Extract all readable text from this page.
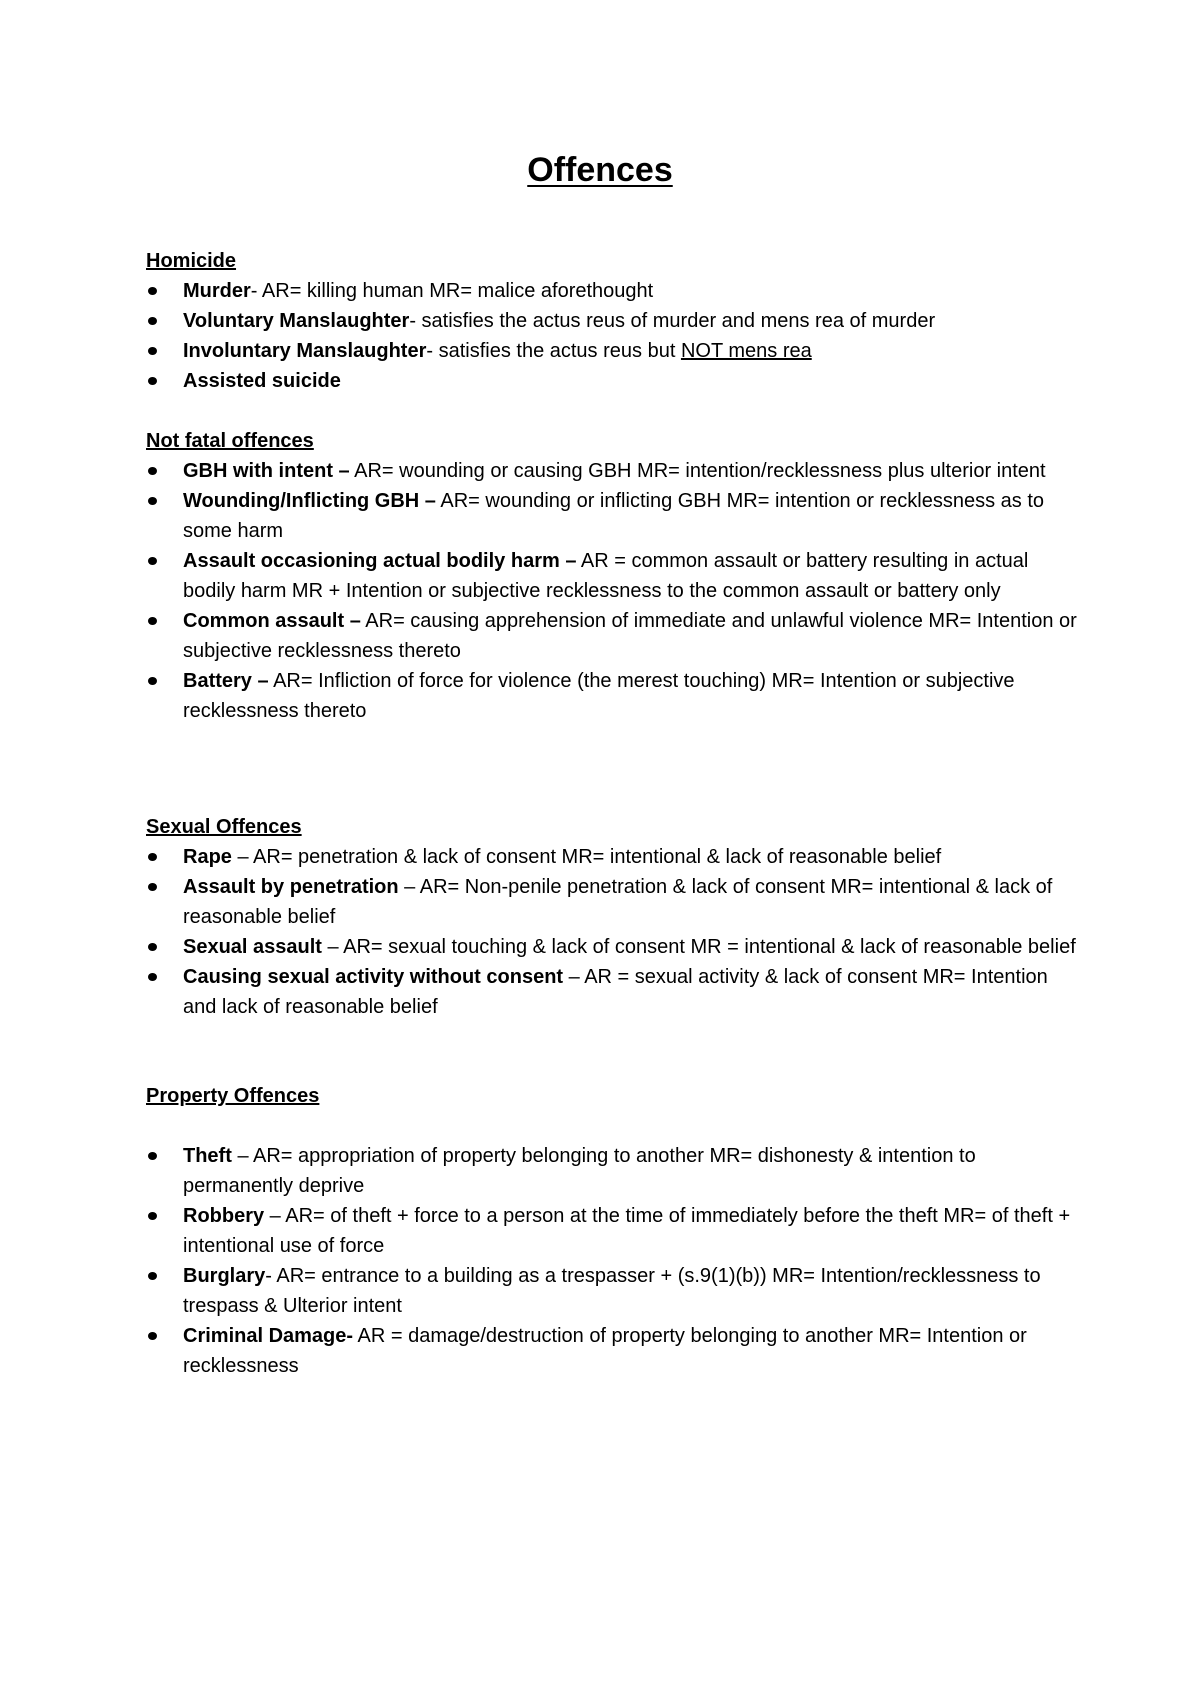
Offences
Homicide
Murder- AR= killing human MR= malice aforethought
Voluntary Manslaughter- satisfies the actus reus of murder and mens rea of murder
Involuntary Manslaughter- satisfies the actus reus but NOT mens rea
Assisted suicide
Not fatal offences
GBH with intent – AR= wounding or causing GBH MR= intention/recklessness plus ulterior intent
Wounding/Inflicting GBH – AR= wounding or inflicting GBH MR= intention or recklessness as to some harm
Assault occasioning actual bodily harm – AR = common assault or battery resulting in actual bodily harm MR + Intention or subjective recklessness to the common assault or battery only
Common assault – AR= causing apprehension of immediate and unlawful violence MR= Intention or subjective recklessness thereto
Battery – AR= Infliction of force for violence (the merest touching) MR= Intention or subjective recklessness thereto
Sexual Offences
Rape – AR= penetration & lack of consent MR= intentional & lack of reasonable belief
Assault by penetration – AR= Non-penile penetration & lack of consent MR= intentional & lack of reasonable belief
Sexual assault – AR= sexual touching & lack of consent MR = intentional & lack of reasonable belief
Causing sexual activity without consent – AR = sexual activity & lack of consent MR= Intention and lack of reasonable belief
Property Offences
Theft – AR= appropriation of property belonging to another MR= dishonesty & intention to permanently deprive
Robbery – AR= of theft + force to a person at the time of immediately before the theft MR= of theft + intentional use of force
Burglary- AR= entrance to a building as a trespasser + (s.9(1)(b)) MR= Intention/recklessness to trespass & Ulterior intent
Criminal Damage- AR = damage/destruction of property belonging to another MR= Intention or recklessness
